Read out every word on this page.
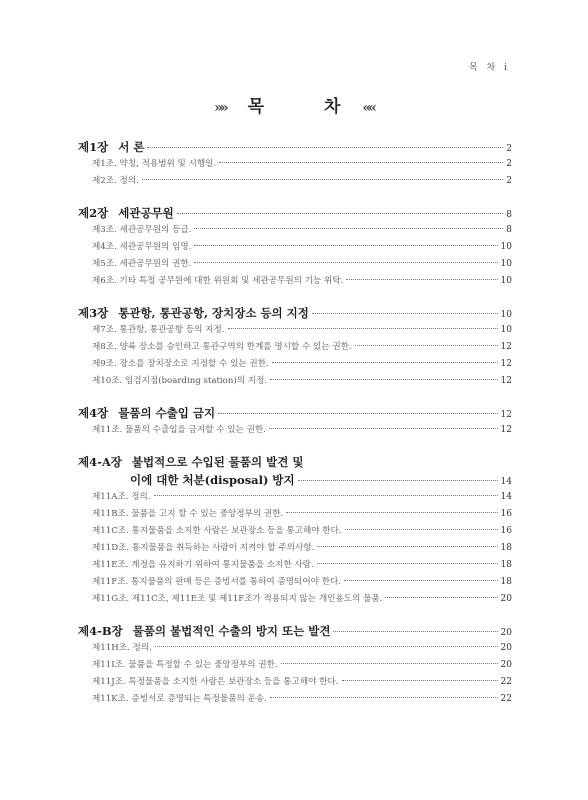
목 차 i
»» 목	차 ««
제1장 서 론	2
제1조. 약칭, 적용범위 및 시행일.	2
제2조. 정의.	2
제2장 세관공무원	8
제3조. 세관공무원의 등급.	8
제4조. 세관공무원의 임명.	10
제5조. 세관공무원의 권한.	10
제6조. 기타 특정 공무원에 대한 위원회 및 세관공무원의 기능 위탁.	10
제3장 통관항, 통관공항, 장치장소 등의 지정	10
제7조. 통관항, 통관공항 등의 지정.	10
제8조. 양륙 장소를 승인하고 통관구역의 한계를 명시할 수 있는 권한.	12
제9조. 장소를 장치장소로 지정할 수 있는 권한.	12
제10조. 임검지점(boarding station)의 지정.	12
제4장 물품의 수출입 금지	12
제11조. 물품의 수출입을 금지할 수 있는 권한.	12
제4-A장 불법적으로 수입된 물품의 발견 및
이에 대한 처분(disposal) 방지	14
제11A조. 정의.	14
제11B조. 물품을 고지 할 수 있는 중앙정부의 권한.	16
제11C조. 통지물품을 소지한 사람은 보관장소 등을 통고해야 한다.	16
제11D조. 통지물품을 취득하는 사람이 지켜야 할 주의사항.	18
제11E조. 계정을 유지하기 위하여 통지물품을 소지한 사람.	18
제11F조. 통지물품의 판매 등은 증빙서를 통하여 증명되어야 한다.	18
제11G조. 제11C조, 제11E조 및 제11F조가 적용되지 않는 개인용도의 물품.	20
제4-B장 물품의 불법적인 수출의 방지 또는 발견	20
제11H조. 정의.	20
제11I조. 물품을 특정할 수 있는 중앙정부의 권한.	20
제11J조. 특정물품을 소지한 사람은 보관장소 등을 통고해야 한다.	22
제11K조. 증빙서로 증명되는 특정물품의 운송.	22
